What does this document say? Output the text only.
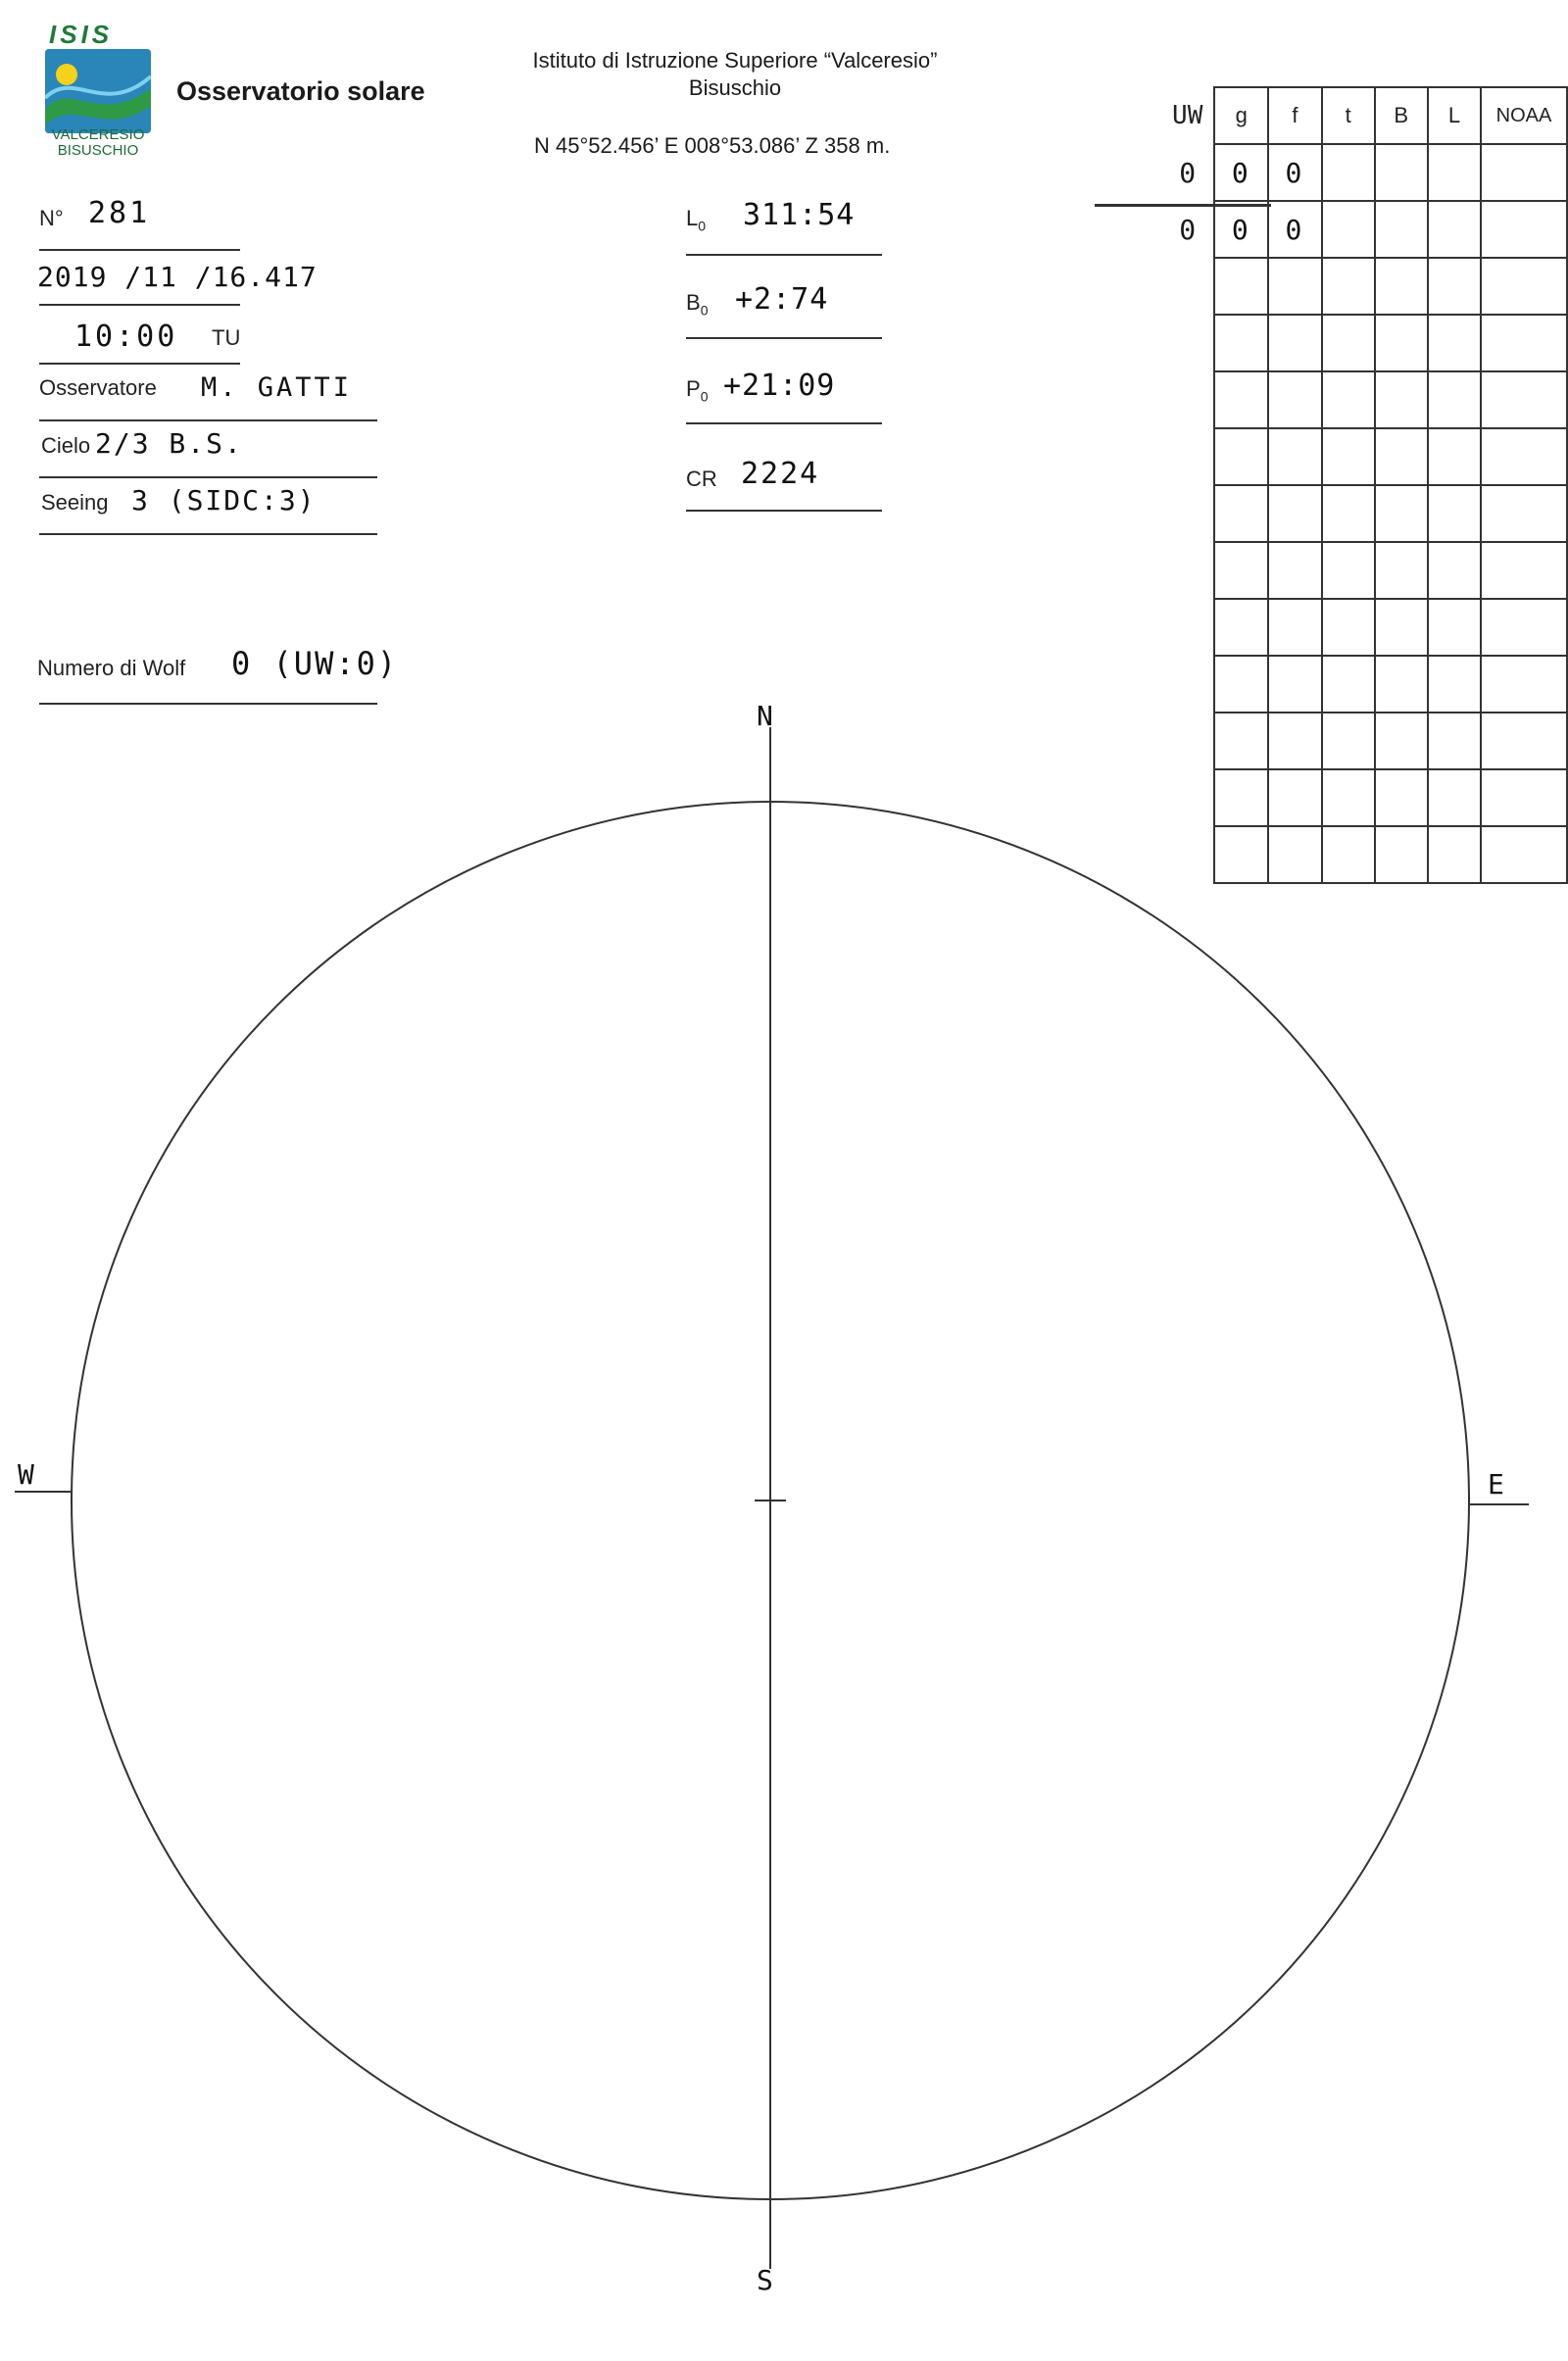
ISIS
VALCERESIO
BISUSCHIO
Osservatorio solare
Istituto di Istruzione Superiore “Valceresio”
Bisuschio
N 45°52.456’ E 008°53.086’ Z 358 m.
N° 281
2019 /11 /16.417
10:00 TU
Osservatore M. GATTI
Cielo 2/3 B.S.
Seeing 3 (SIDC:3)
Numero di Wolf 0 (UW:0)
$L_0$ 311:54
$B_0$ +2:74
$P_0$ +21:09
CR 2224
UW	g	f	t	B	L	NOAA
0	0	0				
0	0	0				

N
S
E
W
